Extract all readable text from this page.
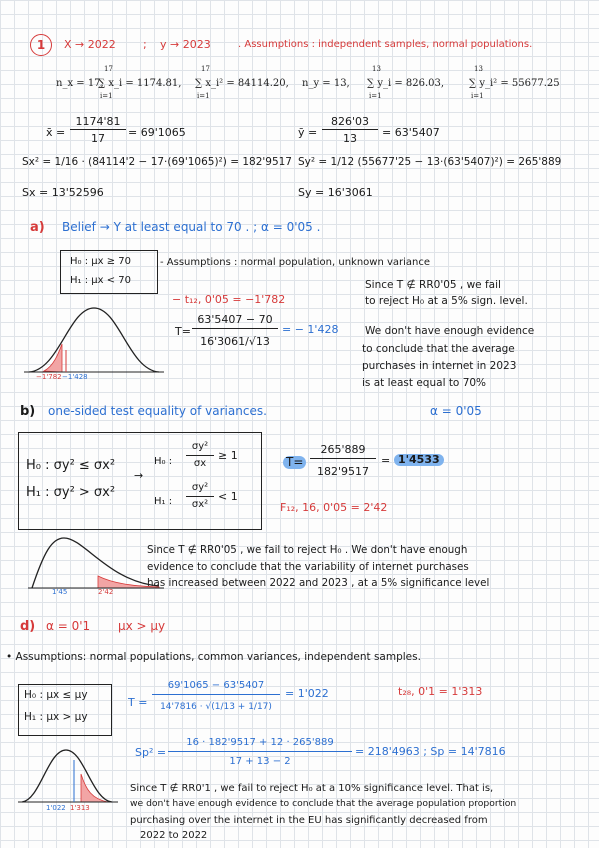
1	X → 2022 ; y → 2023	. Assumptions : independent samples, normal populations.
n_x = 17,
17
i=1
∑ x_i = 1174.81,
17
i=1
∑ x_i² = 84114.20, n_y = 13,
13
i=1
∑ y_i = 826.03,
13
i=1
∑ y_i² = 55677.25
x̄ =
1174'81
17	= 69'1065
Sx² = 1/16 · (84114'2 − 17·(69'1065)²) = 182'9517
Sx = 13'52596
ȳ =
826'03
13	= 63'5407
Sy² = 1/12 (55677'25 − 13·(63'5407)²) = 265'889
Sy = 16'3061
a) Belief → Y at least equal to 70 . ; α = 0'05 .
H₀ : μx ≥ 70
H₁ : μx < 70
- Assumptions : normal population, unknown variance
− t₁₂, 0'05 = −1'782
T=
63'5407 − 70
16'3061/√13
= − 1'428
−1'782 −1'428
Since T ∉ RR0'05 , we fail
to reject H₀ at a 5% sign. level.
We don't have enough evidence
to conclude that the average
purchases in internet in 2023
is at least equal to 70%
b) one-sided test equality of variances.	α = 0'05
H₀ : σy² ≤ σx²
H₁ : σy² > σx²
→
H₀ :
σy²
σx
≥ 1
H₁ :
σy²
σx²
< 1
T=
265'889
182'9517
= 1'4533
F₁₂, 16, 0'05 = 2'42
1'45	2'42
Since T ∉ RR0'05 , we fail to reject H₀ . We don't have enough
evidence to conclude that the variability of internet purchases
has increased between 2022 and 2023 , at a 5% significance level
d) α = 0'1 μx > μy
• Assumptions: normal populations, common variances, independent samples.
H₀ : μx ≤ μy
H₁ : μx > μy
T =
69'1065 − 63'5407
14'7816 · √(1/13 + 1/17)
= 1'022	t₂₈, 0'1 = 1'313
Sp² =
16 · 182'9517 + 12 · 265'889
17 + 13 − 2
= 218'4963 ; Sp = 14'7816
1'022 1'313
Since T ∉ RR0'1 , we fail to reject H₀ at a 10% significance level. That is,
we don't have enough evidence to conclude that the average population proportion
purchasing over the internet in the EU has significantly decreased from
2022 to 2022
